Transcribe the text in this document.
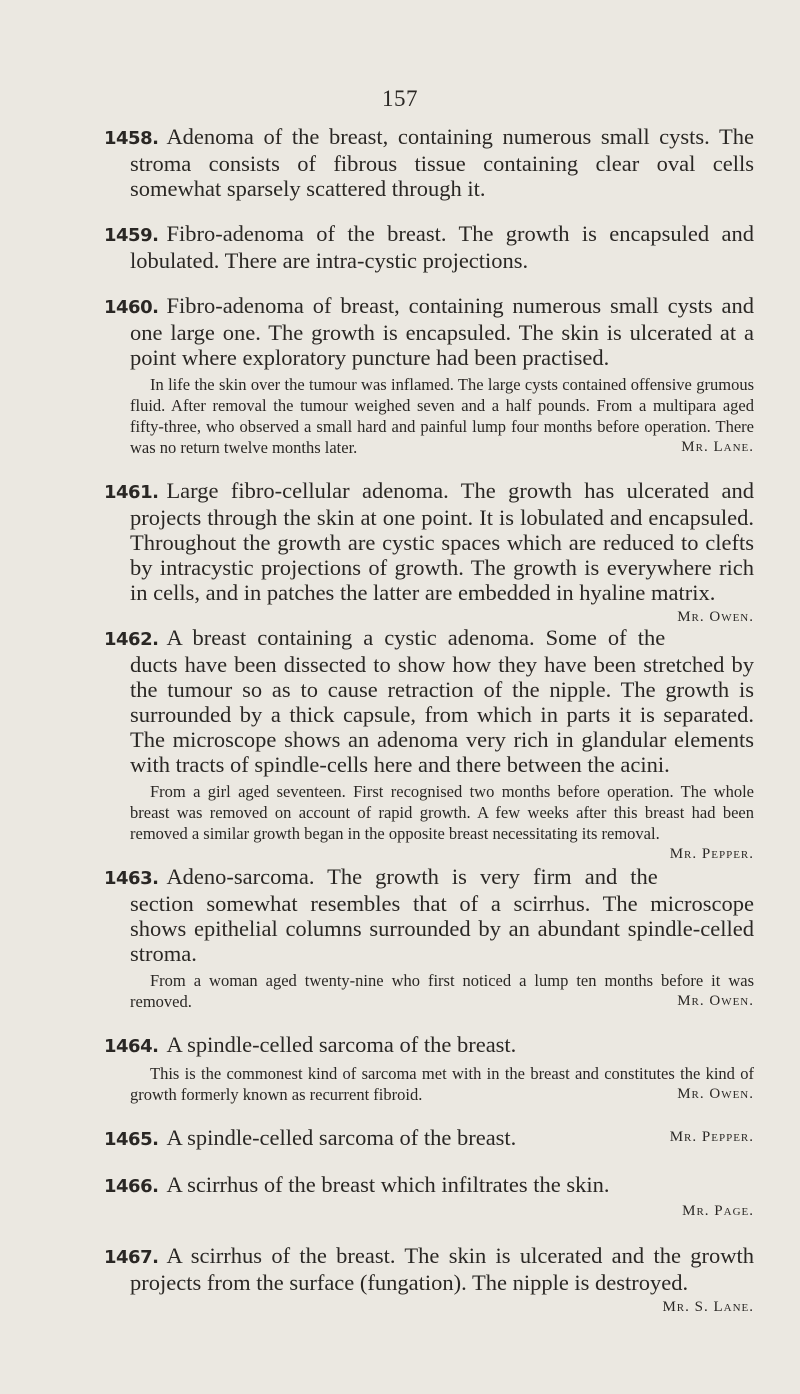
157
1458. Adenoma of the breast, containing numerous small cysts. The stroma consists of fibrous tissue containing clear oval cells somewhat sparsely scattered through it.
1459. Fibro-adenoma of the breast. The growth is encapsuled and lobulated. There are intra-cystic projections.
1460. Fibro-adenoma of breast, containing numerous small cysts and one large one. The growth is encapsuled. The skin is ulcerated at a point where exploratory puncture had been practised.
In life the skin over the tumour was inflamed. The large cysts contained offensive grumous fluid. After removal the tumour weighed seven and a half pounds. From a multipara aged fifty-three, who observed a small hard and painful lump four months before operation. There was no return twelve months later.	Mr. Lane.
1461. Large fibro-cellular adenoma. The growth has ulcerated and projects through the skin at one point. It is lobulated and encapsuled. Throughout the growth are cystic spaces which are reduced to clefts by intracystic projections of growth. The growth is everywhere rich in cells, and in patches the latter are embedded in hyaline matrix.
Mr. Owen.
1462. A breast containing a cystic adenoma. Some of the ducts have been dissected to show how they have been stretched by the tumour so as to cause retraction of the nipple. The growth is surrounded by a thick capsule, from which in parts it is separated. The microscope shows an adenoma very rich in glandular elements with tracts of spindle-cells here and there between the acini.
From a girl aged seventeen. First recognised two months before operation. The whole breast was removed on account of rapid growth. A few weeks after this breast had been removed a similar growth began in the opposite breast necessitating its removal.
Mr. Pepper.
1463. Adeno-sarcoma. The growth is very firm and the section somewhat resembles that of a scirrhus. The microscope shows epithelial columns surrounded by an abundant spindle-celled stroma.
From a woman aged twenty-nine who first noticed a lump ten months before it was removed.	Mr. Owen.
1464. A spindle-celled sarcoma of the breast.
This is the commonest kind of sarcoma met with in the breast and constitutes the kind of growth formerly known as recurrent fibroid.	Mr. Owen.
1465. A spindle-celled sarcoma of the breast.	Mr. Pepper.
1466. A scirrhus of the breast which infiltrates the skin.
Mr. Page.
1467. A scirrhus of the breast. The skin is ulcerated and the growth projects from the surface (fungation). The nipple is destroyed.
Mr. S. Lane.
